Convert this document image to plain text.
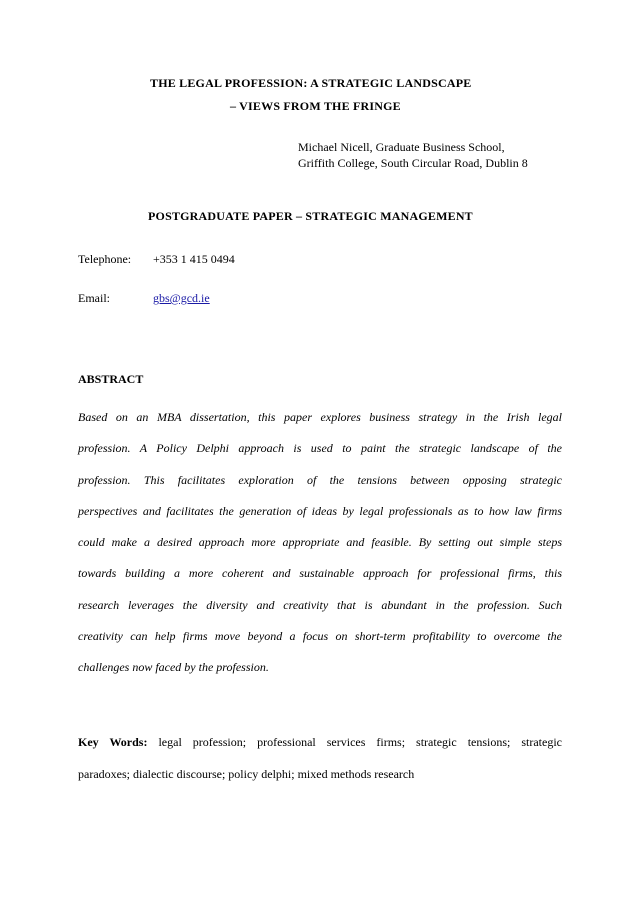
THE LEGAL PROFESSION: A STRATEGIC LANDSCAPE
– VIEWS FROM THE FRINGE
Michael Nicell, Graduate Business School,
Griffith College, South Circular Road, Dublin 8
POSTGRADUATE PAPER – STRATEGIC MANAGEMENT
Telephone: +353 1 415 0494
Email:	gbs@gcd.ie
ABSTRACT
Based on an MBA dissertation, this paper explores business strategy in the Irish legal
profession. A Policy Delphi approach is used to paint the strategic landscape of the
profession. This facilitates exploration of the tensions between opposing strategic
perspectives and facilitates the generation of ideas by legal professionals as to how law firms
could make a desired approach more appropriate and feasible. By setting out simple steps
towards building a more coherent and sustainable approach for professional firms, this
research leverages the diversity and creativity that is abundant in the profession. Such
creativity can help firms move beyond a focus on short-term profitability to overcome the
challenges now faced by the profession.
Key Words: legal profession; professional services firms; strategic tensions; strategic
paradoxes; dialectic discourse; policy delphi; mixed methods research
